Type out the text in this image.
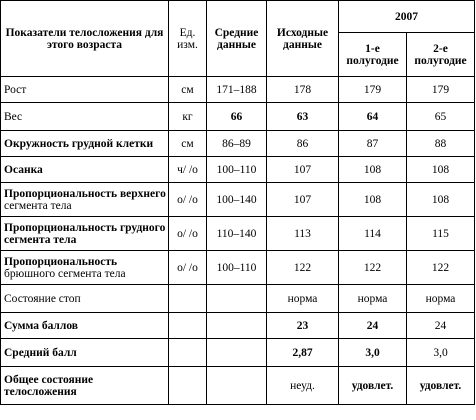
Показатели телосложения для этого возраста	Ед. изм.	Средние данные	Исходные данные	2007	
				1-е полугодие	2-е полугодие
Рост	см	171–188	178	179	179
Вес	кг	66	63	64	65
Окружность грудной клетки	см	86–89	86	87	88
Осанка	ч/ /о	100–110	107	108	108
Пропорциональность верхнего
сегмента тела	о/ /о	100–140	107	108	108
Пропорциональность грудного
сегмента тела	о/ /о	110–140	113	114	115
Пропорциональность
брюшного сегмента тела	о/ /о	100–110	122	122	122
Состояние стоп			норма	норма	норма
Сумма баллов			23	24	24
Средний балл			2,87	3,0	3,0
Общее состояние
телосложения			неуд.	удовлет.	удовлет.
